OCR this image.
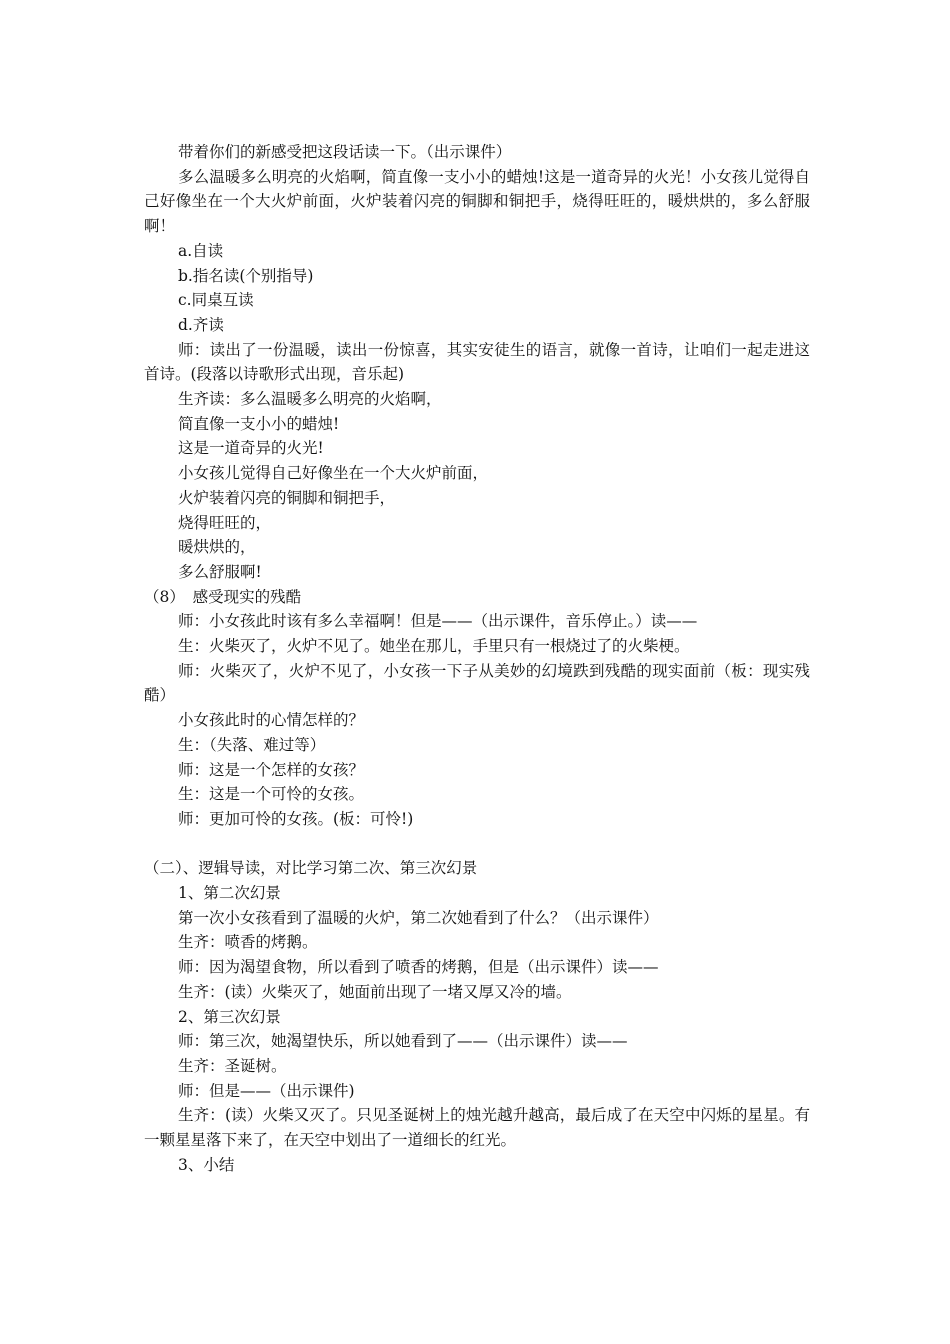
带着你们的新感受把这段话读一下。（出示课件）

多么温暖多么明亮的火焰啊，简直像一支小小的蜡烛!这是一道奇异的火光！小女孩儿觉得自己好像坐在一个大火炉前面，火炉装着闪亮的铜脚和铜把手，烧得旺旺的，暖烘烘的，多么舒服啊！

a.自读

b.指名读(个别指导)

c.同桌互读

d.齐读

师：读出了一份温暖，读出一份惊喜，其实安徒生的语言，就像一首诗，让咱们一起走进这首诗。(段落以诗歌形式出现，音乐起)

生齐读：多么温暖多么明亮的火焰啊，

简直像一支小小的蜡烛!

这是一道奇异的火光!

小女孩儿觉得自己好像坐在一个大火炉前面，

火炉装着闪亮的铜脚和铜把手，

烧得旺旺的，

暖烘烘的，

多么舒服啊!

（8）　感受现实的残酷

师：小女孩此时该有多么幸福啊！但是——（出示课件，音乐停止。）读——

生：火柴灭了，火炉不见了。她坐在那儿，手里只有一根烧过了的火柴梗。

师：火柴灭了，火炉不见了，小女孩一下子从美妙的幻境跌到残酷的现实面前（板：现实残酷）

小女孩此时的心情怎样的？

生：（失落、难过等）

师：这是一个怎样的女孩？

生：这是一个可怜的女孩。

师：更加可怜的女孩。(板：可怜!)

（二）、逻辑导读，对比学习第二次、第三次幻景

1、第二次幻景

第一次小女孩看到了温暖的火炉，第二次她看到了什么？（出示课件）

生齐：喷香的烤鹅。

师：因为渴望食物，所以看到了喷香的烤鹅，但是（出示课件）读——

生齐：(读）火柴灭了，她面前出现了一堵又厚又冷的墙。

2、第三次幻景

师：第三次，她渴望快乐，所以她看到了——（出示课件）读——

生齐：圣诞树。

师：但是——（出示课件)

生齐：(读）火柴又灭了。只见圣诞树上的烛光越升越高，最后成了在天空中闪烁的星星。有一颗星星落下来了，在天空中划出了一道细长的红光。

3、小结
